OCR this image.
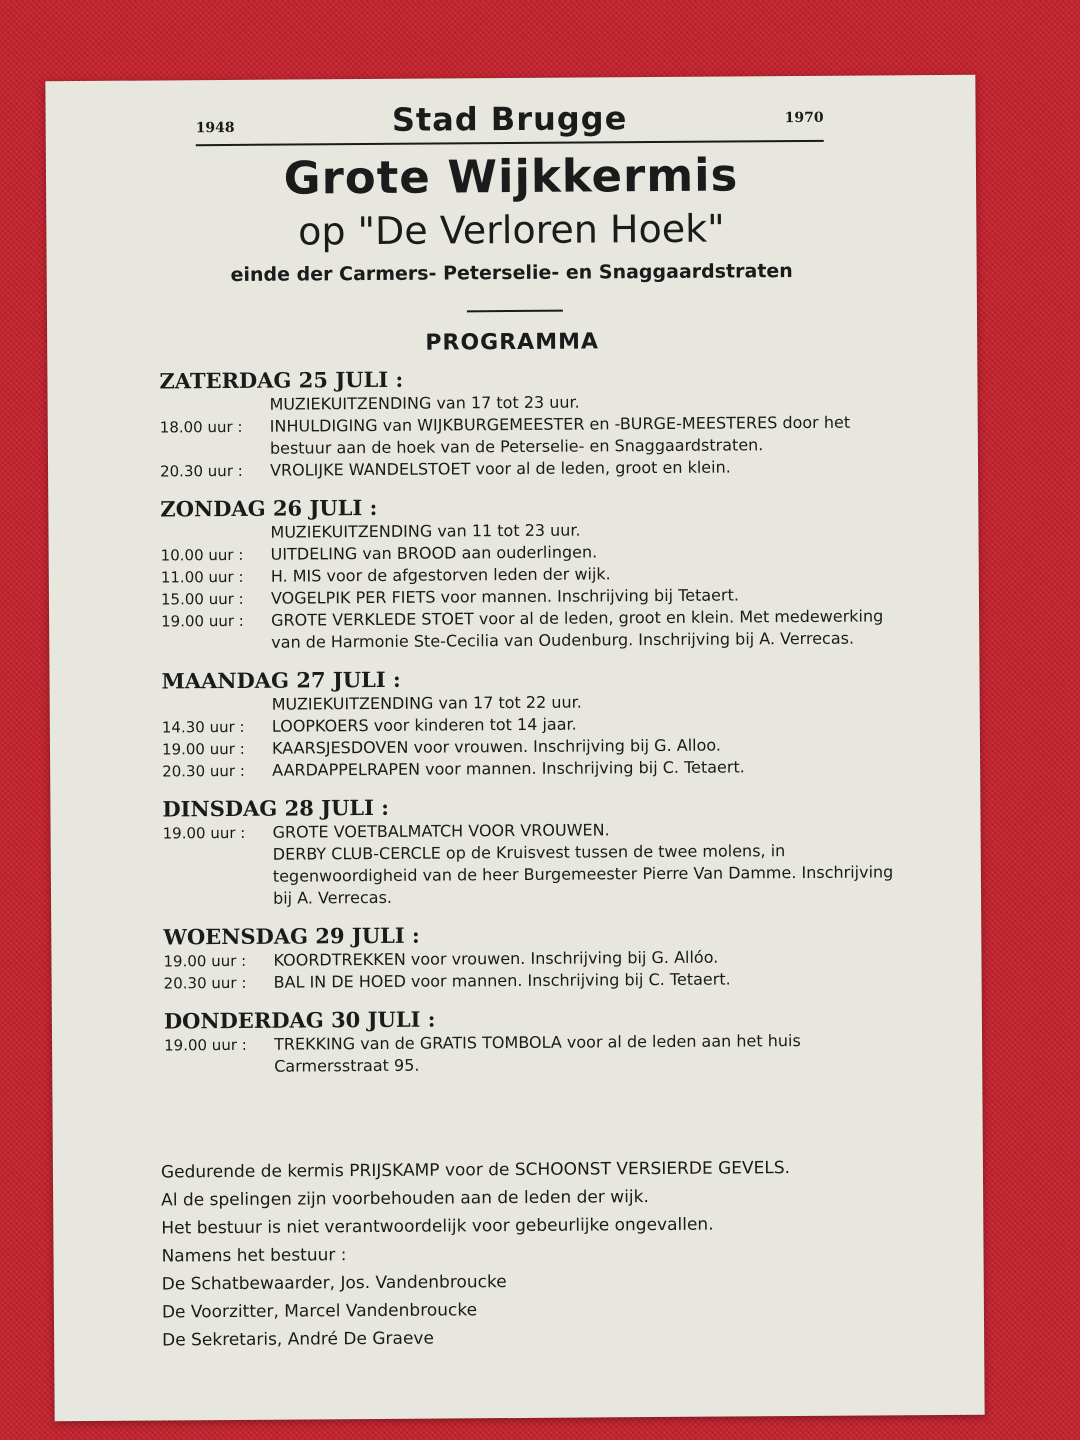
1948	Stad Brugge	1970
Grote Wijkkermis
op "De Verloren Hoek"
einde der Carmers- Peterselie- en Snaggaardstraten
PROGRAMMA
ZATERDAG 25 JULI :
MUZIEKUITZENDING van 17 tot 23 uur.
18.00 uur :	INHULDIGING van WIJKBURGEMEESTER en -BURGE-MEESTERES door het bestuur aan de hoek van de Peterselie- en Snaggaardstraten.
20.30 uur :	VROLIJKE WANDELSTOET voor al de leden, groot en klein.
ZONDAG 26 JULI :
MUZIEKUITZENDING van 11 tot 23 uur.
10.00 uur :	UITDELING van BROOD aan ouderlingen.
11.00 uur :	H. MIS voor de afgestorven leden der wijk.
15.00 uur :	VOGELPIK PER FIETS voor mannen. Inschrijving bij Tetaert.
19.00 uur :	GROTE VERKLEDE STOET voor al de leden, groot en klein. Met medewerking van de Harmonie Ste-Cecilia van Oudenburg. Inschrijving bij A. Verrecas.
MAANDAG 27 JULI :
MUZIEKUITZENDING van 17 tot 22 uur.
14.30 uur :	LOOPKOERS voor kinderen tot 14 jaar.
19.00 uur :	KAARSJESDOVEN voor vrouwen. Inschrijving bij G. Alloo.
20.30 uur :	AARDAPPELRAPEN voor mannen. Inschrijving bij C. Tetaert.
DINSDAG 28 JULI :
19.00 uur :	GROTE VOETBALMATCH VOOR VROUWEN.
DERBY CLUB-CERCLE op de Kruisvest tussen de twee molens, in tegenwoordigheid van de heer Burgemeester Pierre Van Damme. Inschrijving bij A. Verrecas.
WOENSDAG 29 JULI :
19.00 uur :	KOORDTREKKEN voor vrouwen. Inschrijving bij G. Allóo.
20.30 uur :	BAL IN DE HOED voor mannen. Inschrijving bij C. Tetaert.
DONDERDAG 30 JULI :
19.00 uur :	TREKKING van de GRATIS TOMBOLA voor al de leden aan het huis Carmersstraat 95.
Gedurende de kermis PRIJSKAMP voor de SCHOONST VERSIERDE GEVELS.
Al de spelingen zijn voorbehouden aan de leden der wijk.
Het bestuur is niet verantwoordelijk voor gebeurlijke ongevallen.
Namens het bestuur :
De Schatbewaarder, Jos. Vandenbroucke
De Voorzitter, Marcel Vandenbroucke
De Sekretaris, André De Graeve
